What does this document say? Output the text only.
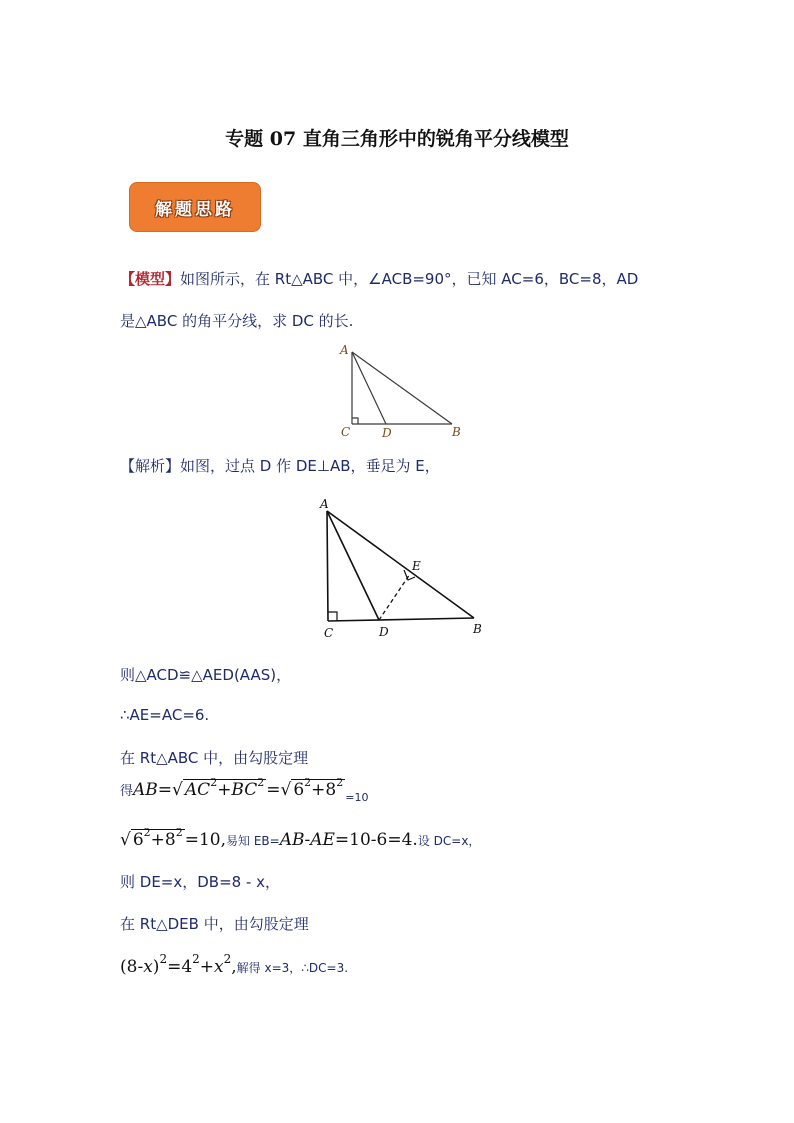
专题 07 直角三角形中的锐角平分线模型
解题思路
【模型】如图所示，在 Rt△ABC 中，∠ACB=90°，已知 AC=6，BC=8，AD
是△ABC 的角平分线，求 DC 的长.
A
C	D	B
【解析】如图，过点 D 作 DE⊥AB，垂足为 E，
A
C	D
E
B
则△ACD≌△AED(AAS)，
∴AE=AC=6.
在 Rt△ABC 中，由勾股定理
得AB=√ $AC^2+BC^2$ =√ $6^2+8^2_{=10}$
√ $6^2+8^2 =10$,易知 EB=AB-AE=10-6=4.设 DC=x，
则 DE=x，DB=8 - x，
在 Rt△DEB 中，由勾股定理
$(8-x)^2=4^2+x^2$,解得 x=3，∴DC=3.
